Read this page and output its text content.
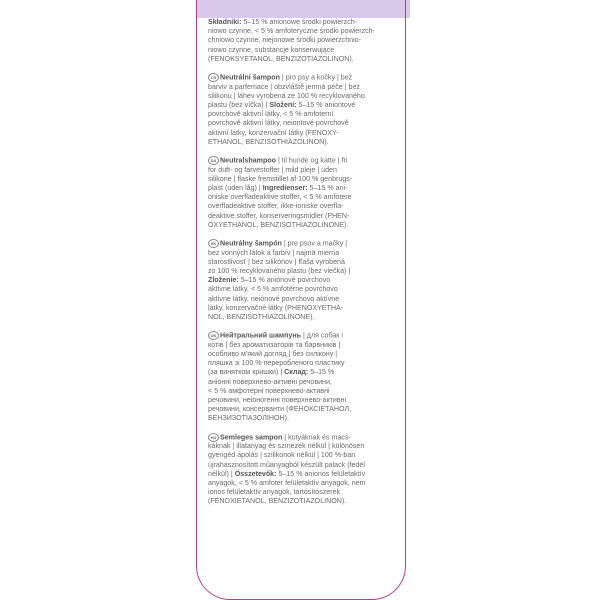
Składniki: 5–15 % anionowe środki powierzch-

niowo czynne, < 5 % amfoteryczne środki powierzch-

chniowo czynne, niejonowe środki powierzchnio-

niowo czynne, substancje konserwujące

(FENOKSYETANOL, BENZIZOTIAZOLINON).

CS Neutrální šampon | pro psy a kočky | bez

barviv a parfemace | obzvláště jemná péče | bez

silikonu | láhev vyrobená ze 100 % recyklovaného

plastu (bez víčka) | Složení: 5–15 % aniontové

povrchově aktivní látky, < 5 % amfoterní

povrchově aktivní látky, neiontové povrchově

aktivní látky, konzervační látky (FENOXY-

ETHANOL, BENZISOTHIAZOLINON).

DA Neutralshampoo | til hunde og katte | fri

for duft- og farvestoffer | mild pleje | uden

silikone | flaske fremstillet af 100 % genbrugs-

plast (uden låg) | Ingredienser: 5–15 % ani-

oniske overfladeaktive stoffer, < 5 % amfotere

overfladeaktive stoffer, ikke-ioniske overfla-

deaktive stoffer, konserveringsmidler (PHEN-

OXYETHANOL, BENZISOTHIAZOLINONE).

SK Neutrálny šampón | pre psov a mačky |

bez vonných látok a farbív | najmä mierna

starostlivosť | bez silikónov | fľaša vyrobená

zo 100 % recyklovaného plastu (bez viečka) |

Zloženie: 5–15 % aniónové povrchovo

aktívne látky, < 5 % amfotérne povrchovo

aktívne látky, neiónové povrchovo aktívne

látky, konzervačné látky (PHENOXYETHA-

NOL, BENZISOTHIAZOLINONE).

UK Нейтральний шампунь | для собак і

котів | без ароматизаторів та барвників |

особливо м'який догляд | без силікону |

пляшка зі 100 % переробленого пластику

(за винятком кришки) | Склад: 5–15 %

аніонні поверхнево-активні речовини,

< 5 % амфотерні поверхнево-активні

речовини, неіоногенні поверхнево-активні

речовини, консерванти (ФЕНОКСІЕТАНОЛ,

БЕНЗИЗОТІАЗОЛІНОН).

HU Semleges sampon | kutyáknak és macs-

káknak | illatanyag és színezék nélkül | különösen

gyengéd ápolás | szilikonok nélkül | 100 %-ban

újrahasznosított műanyagból készült palack (fedél

nélkül) | Összetevők: 5–15 % anionos felületaktív

anyagok, < 5 % amfoter felületaktív anyagok, nem

ionos felületaktív anyagok, tartósítószerek

(FENOXIETANOL, BENZIZOTIAZOLINON).
